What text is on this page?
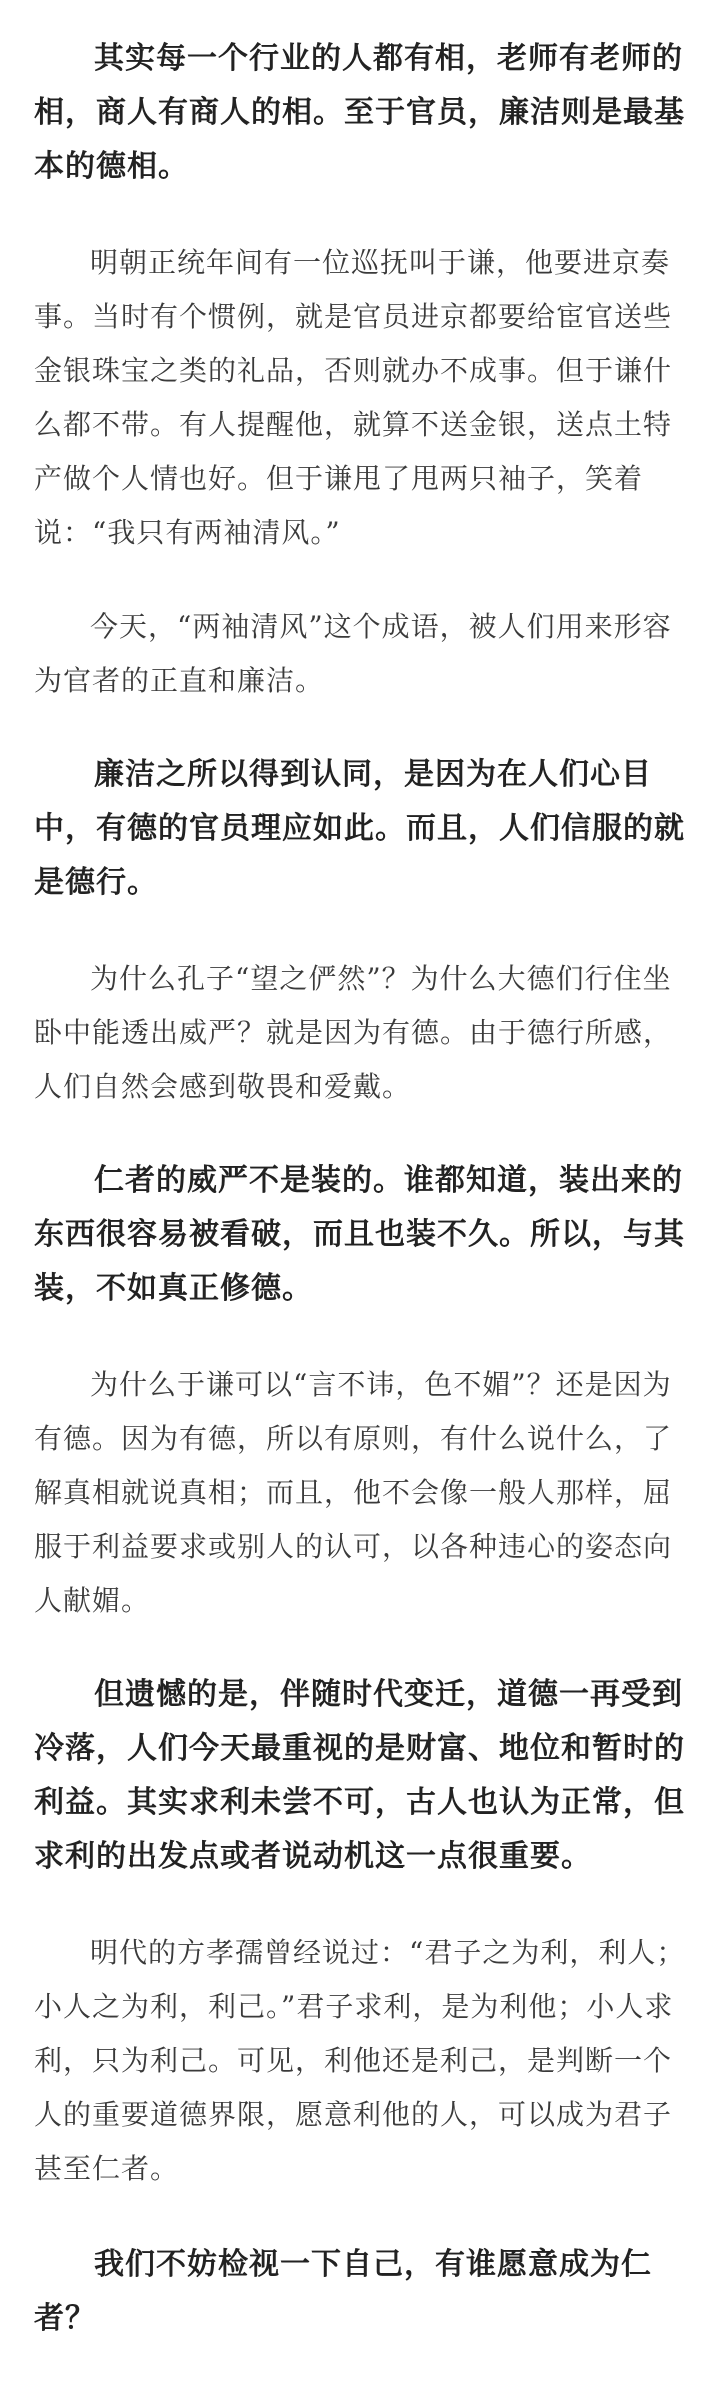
其实每一个行业的人都有相，老师有老师的相，商人有商人的相。至于官员，廉洁则是最基本的德相。

明朝正统年间有一位巡抚叫于谦，他要进京奏事。当时有个惯例，就是官员进京都要给宦官送些金银珠宝之类的礼品，否则就办不成事。但于谦什么都不带。有人提醒他，就算不送金银，送点土特产做个人情也好。但于谦甩了甩两只袖子，笑着说：“我只有两袖清风。”

今天，“两袖清风”这个成语，被人们用来形容为官者的正直和廉洁。

廉洁之所以得到认同，是因为在人们心目中，有德的官员理应如此。而且，人们信服的就是德行。

为什么孔子“望之俨然”？为什么大德们行住坐卧中能透出威严？就是因为有德。由于德行所感，人们自然会感到敬畏和爱戴。

仁者的威严不是装的。谁都知道，装出来的东西很容易被看破，而且也装不久。所以，与其装，不如真正修德。

为什么于谦可以“言不讳，色不媚”？还是因为有德。因为有德，所以有原则，有什么说什么，了解真相就说真相；而且，他不会像一般人那样，屈服于利益要求或别人的认可，以各种违心的姿态向人献媚。

但遗憾的是，伴随时代变迁，道德一再受到冷落，人们今天最重视的是财富、地位和暂时的利益。其实求利未尝不可，古人也认为正常，但求利的出发点或者说动机这一点很重要。

明代的方孝孺曾经说过：“君子之为利，利人；小人之为利，利己。”君子求利，是为利他；小人求利，只为利己。可见，利他还是利己，是判断一个人的重要道德界限，愿意利他的人，可以成为君子甚至仁者。

我们不妨检视一下自己，有谁愿意成为仁者？
